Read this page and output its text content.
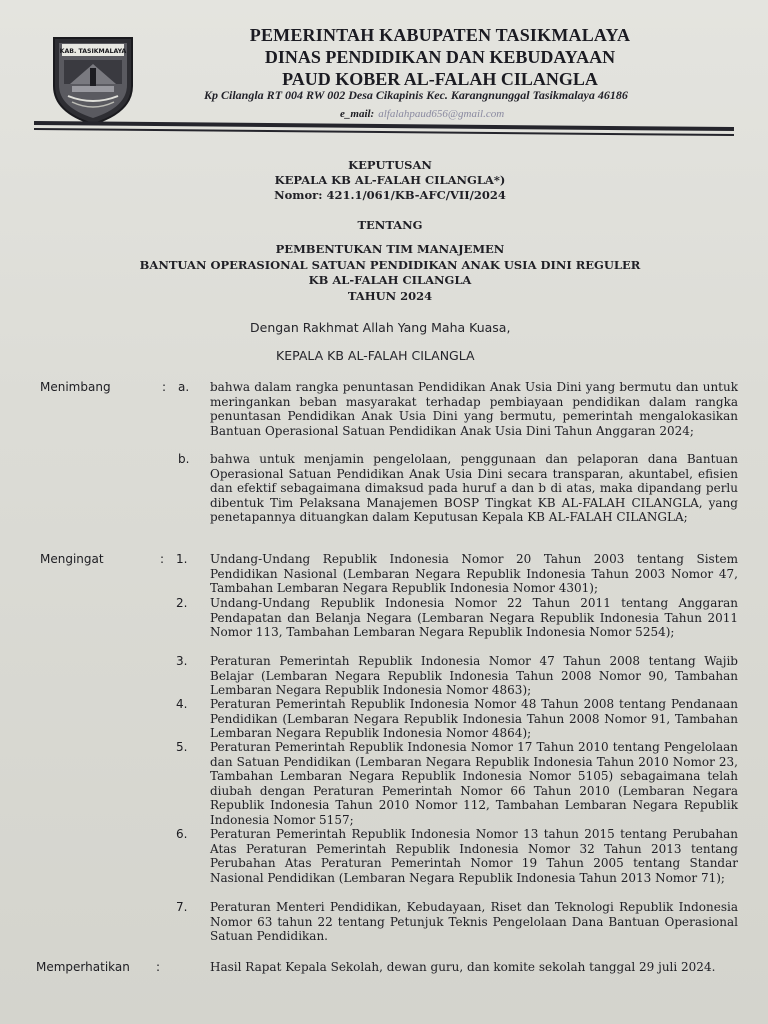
KAB. TASIKMALAYA
PEMERINTAH KABUPATEN TASIKMALAYA
DINAS PENDIDIKAN DAN KEBUDAYAAN
PAUD KOBER AL-FALAH CILANGLA
Kp Cilangla RT 004 RW 002 Desa Cikapinis Kec. Karangnunggal Tasikmalaya 46186
e_mail: alfalahpaud656@gmail.com
KEPUTUSAN
KEPALA KB AL-FALAH CILANGLA*)
Nomor: 421.1/061/KB-AFC/VII/2024
TENTANG
PEMBENTUKAN TIM MANAJEMEN
BANTUAN OPERASIONAL SATUAN PENDIDIKAN ANAK USIA DINI REGULER
KB AL-FALAH CILANGLA
TAHUN 2024
Dengan Rakhmat Allah Yang Maha Kuasa,
KEPALA KB AL-FALAH CILANGLA
Menimbang	: a. bahwa dalam rangka penuntasan Pendidikan Anak Usia Dini yang bermutu dan untuk meringankan beban masyarakat terhadap pembiayaan pendidikan dalam rangka penuntasan Pendidikan Anak Usia Dini yang bermutu, pemerintah mengalokasikan Bantuan Operasional Satuan Pendidikan Anak Usia Dini Tahun Anggaran 2024;
b. bahwa untuk menjamin pengelolaan, penggunaan dan pelaporan dana Bantuan Operasional Satuan Pendidikan Anak Usia Dini secara transparan, akuntabel, efisien dan efektif sebagaimana dimaksud pada huruf a dan b di atas, maka dipandang perlu dibentuk Tim Pelaksana Manajemen BOSP Tingkat KB AL-FALAH CILANGLA, yang penetapannya dituangkan dalam Keputusan Kepala KB AL-FALAH CILANGLA;
Mengingat	: 1. Undang-Undang Republik Indonesia Nomor 20 Tahun 2003 tentang Sistem Pendidikan Nasional (Lembaran Negara Republik Indonesia Tahun 2003 Nomor 47, Tambahan Lembaran Negara Republik Indonesia Nomor 4301);
2. Undang-Undang Republik Indonesia Nomor 22 Tahun 2011 tentang Anggaran Pendapatan dan Belanja Negara (Lembaran Negara Republik Indonesia Tahun 2011 Nomor 113, Tambahan Lembaran Negara Republik Indonesia Nomor 5254);
3. Peraturan Pemerintah Republik Indonesia Nomor 47 Tahun 2008 tentang Wajib Belajar (Lembaran Negara Republik Indonesia Tahun 2008 Nomor 90, Tambahan Lembaran Negara Republik Indonesia Nomor 4863);
4. Peraturan Pemerintah Republik Indonesia Nomor 48 Tahun 2008 tentang Pendanaan Pendidikan (Lembaran Negara Republik Indonesia Tahun 2008 Nomor 91, Tambahan Lembaran Negara Republik Indonesia Nomor 4864);
5. Peraturan Pemerintah Republik Indonesia Nomor 17 Tahun 2010 tentang Pengelolaan dan Satuan Pendidikan (Lembaran Negara Republik Indonesia Tahun 2010 Nomor 23, Tambahan Lembaran Negara Republik Indonesia Nomor 5105) sebagaimana telah diubah dengan Peraturan Pemerintah Nomor 66 Tahun 2010 (Lembaran Negara Republik Indonesia Tahun 2010 Nomor 112, Tambahan Lembaran Negara Republik Indonesia Nomor 5157;
6. Peraturan Pemerintah Republik Indonesia Nomor 13 tahun 2015 tentang Perubahan Atas Peraturan Pemerintah Republik Indonesia Nomor 32 Tahun 2013 tentang Perubahan Atas Peraturan Pemerintah Nomor 19 Tahun 2005 tentang Standar Nasional Pendidikan (Lembaran Negara Republik Indonesia Tahun 2013 Nomor 71);
7. Peraturan Menteri Pendidikan, Kebudayaan, Riset dan Teknologi Republik Indonesia Nomor 63 tahun 22 tentang Petunjuk Teknis Pengelolaan Dana Bantuan Operasional Satuan Pendidikan.
Memperhatikan :	Hasil Rapat Kepala Sekolah, dewan guru, dan komite sekolah tanggal 29 juli 2024.
